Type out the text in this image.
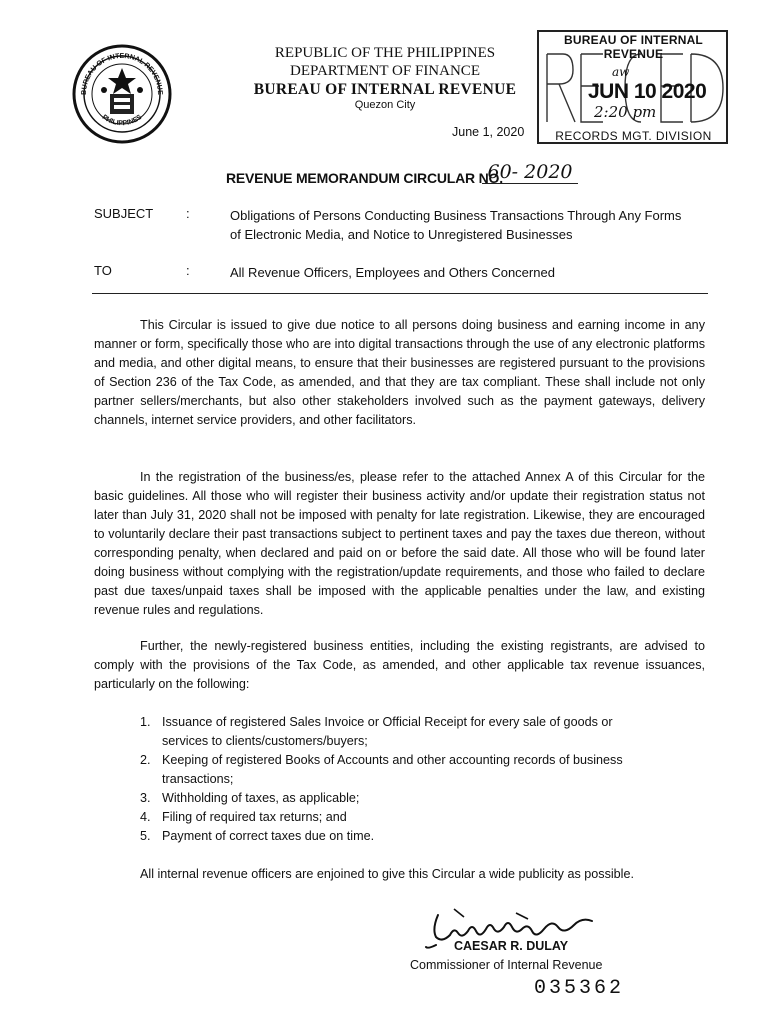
BUREAU OF INTERNAL REVENUE
PHILIPPINES
REPUBLIC OF THE PHILIPPINES
DEPARTMENT OF FINANCE
BUREAU OF INTERNAL REVENUE
Quezon City
June 1, 2020
BUREAU OF INTERNAL REVENUE
aw
JUN 10 2020
2:20 pm
RECORDS MGT. DIVISION
REVENUE MEMORANDUM CIRCULAR NO.
60- 2020
SUBJECT	:	Obligations of Persons Conducting Business Transactions Through Any Forms
of Electronic Media, and Notice to Unregistered Businesses
TO	:	All Revenue Officers, Employees and Others Concerned
This Circular is issued to give due notice to all persons doing business and earning income in any manner or form, specifically those who are into digital transactions through the use of any electronic platforms and media, and other digital means, to ensure that their businesses are registered pursuant to the provisions of Section 236 of the Tax Code, as amended, and that they are tax compliant. These shall include not only partner sellers/merchants, but also other stakeholders involved such as the payment gateways, delivery channels, internet service providers, and other facilitators.
In the registration of the business/es, please refer to the attached Annex A of this Circular for the basic guidelines. All those who will register their business activity and/or update their registration status not later than July 31, 2020 shall not be imposed with penalty for late registration. Likewise, they are encouraged to voluntarily declare their past transactions subject to pertinent taxes and pay the taxes due thereon, without corresponding penalty, when declared and paid on or before the said date. All those who will be found later doing business without complying with the registration/update requirements, and those who failed to declare past due taxes/unpaid taxes shall be imposed with the applicable penalties under the law, and existing revenue rules and regulations.
Further, the newly-registered business entities, including the existing registrants, are advised to comply with the provisions of the Tax Code, as amended, and other applicable tax revenue issuances, particularly on the following:
1. Issuance of registered Sales Invoice or Official Receipt for every sale of goods or services to clients/customers/buyers;
2. Keeping of registered Books of Accounts and other accounting records of business transactions;
3. Withholding of taxes, as applicable;
4. Filing of required tax returns; and
5. Payment of correct taxes due on time.
All internal revenue officers are enjoined to give this Circular a wide publicity as possible.
CAESAR R. DULAY
Commissioner of Internal Revenue
035362
